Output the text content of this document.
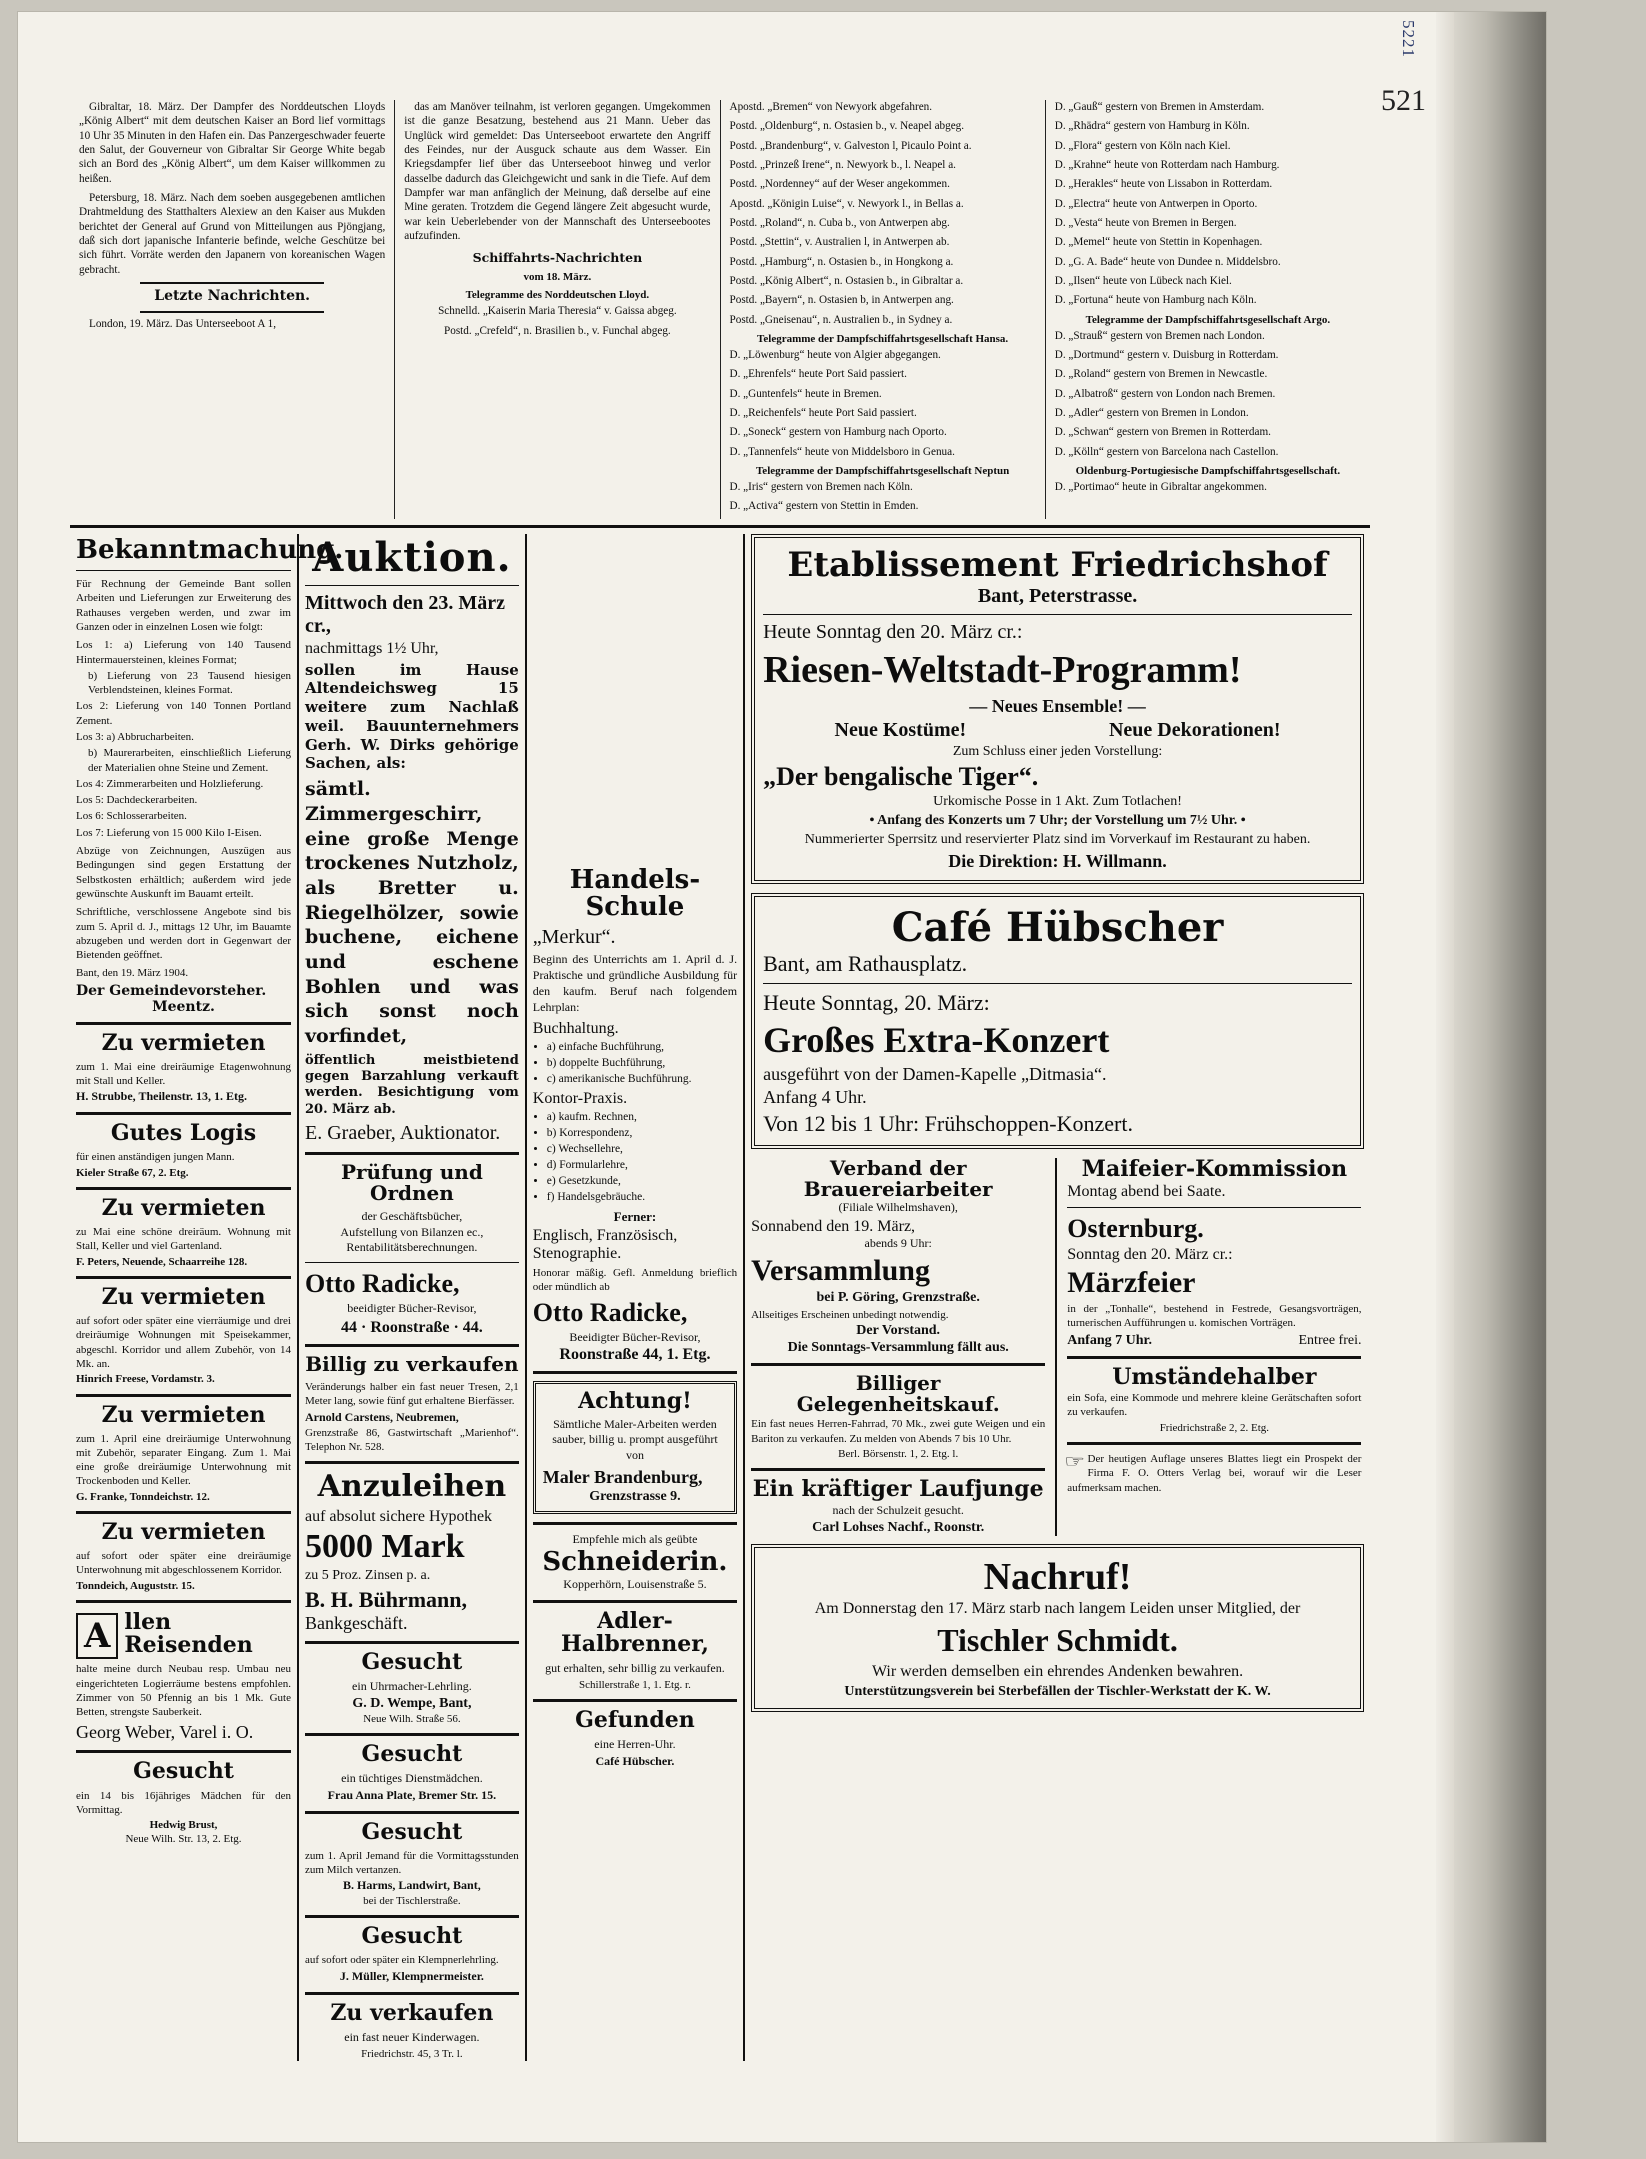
5221
521

Gibraltar, 18. März. Der Dampfer des Norddeutschen Lloyds „König Albert“ mit dem deutschen Kaiser an Bord lief vormittags 10 Uhr 35 Minuten in den Hafen ein. Das Panzergeschwader feuerte den Salut, der Gouverneur von Gibraltar Sir George White begab sich an Bord des „König Albert“, um dem Kaiser willkommen zu heißen.

Petersburg, 18. März. Nach dem soeben ausgegebenen amtlichen Drahtmeldung des Statthalters Alexiew an den Kaiser aus Mukden berichtet der General auf Grund von Mitteilungen aus Pjöngjang, daß sich dort japanische Infanterie befinde, welche Geschütze bei sich führt. Vorräte werden den Japanern von koreanischen Wagen gebracht.

Letzte Nachrichten.

London, 19. März. Das Unterseeboot A 1,

das am Manöver teilnahm, ist verloren gegangen. Umgekommen ist die ganze Besatzung, bestehend aus 21 Mann. Ueber das Unglück wird gemeldet: Das Unterseeboot erwartete den Angriff des Feindes, nur der Ausguck schaute aus dem Wasser. Ein Kriegsdampfer lief über das Unterseeboot hinweg und verlor dasselbe dadurch das Gleichgewicht und sank in die Tiefe. Auf dem Dampfer war man anfänglich der Meinung, daß derselbe auf eine Mine geraten. Trotzdem die Gegend längere Zeit abgesucht wurde, war kein Ueberlebender von der Mannschaft des Unterseebootes aufzufinden.

Schiffahrts-Nachrichten
vom 18. März.
Telegramme des Norddeutschen Lloyd.

Schnelld. „Kaiserin Maria Theresia“ v. Gaissa abgeg.

Postd. „Crefeld“, n. Brasilien b., v. Funchal abgeg.

Apostd. „Bremen“ von Newyork abgefahren.

Postd. „Oldenburg“, n. Ostasien b., v. Neapel abgeg.

Postd. „Brandenburg“, v. Galveston l, Picaulo Point a.

Postd. „Prinzeß Irene“, n. Newyork b., l. Neapel a.

Postd. „Nordenney“ auf der Weser angekommen.

Apostd. „Königin Luise“, v. Newyork l., in Bellas a.

Postd. „Roland“, n. Cuba b., von Antwerpen abg.

Postd. „Stettin“, v. Australien l, in Antwerpen ab.

Postd. „Hamburg“, n. Ostasien b., in Hongkong a.

Postd. „König Albert“, n. Ostasien b., in Gibraltar a.

Postd. „Bayern“, n. Ostasien b, in Antwerpen ang.

Postd. „Gneisenau“, n. Australien b., in Sydney a.

Telegramme der Dampfschiffahrtsgesellschaft Hansa.

D. „Löwenburg“ heute von Algier abgegangen.

D. „Ehrenfels“ heute Port Said passiert.

D. „Guntenfels“ heute in Bremen.

D. „Reichenfels“ heute Port Said passiert.

D. „Soneck“ gestern von Hamburg nach Oporto.

D. „Tannenfels“ heute von Middelsboro in Genua.

Telegramme der Dampfschiffahrtsgesellschaft Neptun

D. „Iris“ gestern von Bremen nach Köln.

D. „Activa“ gestern von Stettin in Emden.

D. „Gauß“ gestern von Bremen in Amsterdam.

D. „Rhädra“ gestern von Hamburg in Köln.

D. „Flora“ gestern von Köln nach Kiel.

D. „Krahne“ heute von Rotterdam nach Hamburg.

D. „Herakles“ heute von Lissabon in Rotterdam.

D. „Electra“ heute von Antwerpen in Oporto.

D. „Vesta“ heute von Bremen in Bergen.

D. „Memel“ heute von Stettin in Kopenhagen.

D. „G. A. Bade“ heute von Dundee n. Middelsbro.

D. „Ilsen“ heute von Lübeck nach Kiel.

D. „Fortuna“ heute von Hamburg nach Köln.

Telegramme der Dampfschiffahrtsgesellschaft Argo.

D. „Strauß“ gestern von Bremen nach London.

D. „Dortmund“ gestern v. Duisburg in Rotterdam.

D. „Roland“ gestern von Bremen in Newcastle.

D. „Albatroß“ gestern von London nach Bremen.

D. „Adler“ gestern von Bremen in London.

D. „Schwan“ gestern von Bremen in Rotterdam.

D. „Kölln“ gestern von Barcelona nach Castellon.

Oldenburg-Portugiesische Dampfschiffahrtsgesellschaft.

D. „Portimao“ heute in Gibraltar angekommen.

Bekanntmachung.

Für Rechnung der Gemeinde Bant sollen Arbeiten und Lieferungen zur Erweiterung des Rathauses vergeben werden, und zwar im Ganzen oder in einzelnen Losen wie folgt:

Los 1: a) Lieferung von 140 Tausend Hintermauersteinen, kleines Format;

b) Lieferung von 23 Tausend hiesigen Verblendsteinen, kleines Format.

Los 2: Lieferung von 140 Tonnen Portland Zement.

Los 3: a) Abbrucharbeiten.

b) Maurerarbeiten, einschließlich Lieferung der Materialien ohne Steine und Zement.

Los 4: Zimmerarbeiten und Holzlieferung.

Los 5: Dachdeckerarbeiten.

Los 6: Schlosserarbeiten.

Los 7: Lieferung von 15 000 Kilo I-Eisen.

Abzüge von Zeichnungen, Auszügen aus Bedingungen sind gegen Erstattung der Selbstkosten erhältlich; außerdem wird jede gewünschte Auskunft im Bauamt erteilt.

Schriftliche, verschlossene Angebote sind bis zum 5. April d. J., mittags 12 Uhr, im Bauamte abzugeben und werden dort in Gegenwart der Bietenden geöffnet.

Bant, den 19. März 1904.

Der Gemeindevorsteher.

Meentz.

Zu vermieten

zum 1. Mai eine dreiräumige Etagenwohnung mit Stall und Keller.

H. Strubbe, Theilenstr. 13, 1. Etg.

Gutes Logis

für einen anständigen jungen Mann.

Kieler Straße 67, 2. Etg.

Zu vermieten

zu Mai eine schöne dreiräum. Wohnung mit Stall, Keller und viel Gartenland.

F. Peters, Neuende, Schaarreihe 128.

Zu vermieten

auf sofort oder später eine vierräumige und drei dreiräumige Wohnungen mit Speisekammer, abgeschl. Korridor und allem Zubehör, von 14 Mk. an.

Hinrich Freese, Vordamstr. 3.

Zu vermieten

zum 1. April eine dreiräumige Unterwohnung mit Zubehör, separater Eingang. Zum 1. Mai eine große dreiräumige Unterwohnung mit Trockenboden und Keller.

G. Franke, Tonndeichstr. 12.

Zu vermieten

auf sofort oder später eine dreiräumige Unterwohnung mit abgeschlossenem Korridor.

Tonndeich, Auguststr. 15.

A llen Reisenden

halte meine durch Neubau resp. Umbau neu eingerichteten Logierräume bestens empfohlen. Zimmer von 50 Pfennig an bis 1 Mk. Gute Betten, strengste Sauberkeit.

Georg Weber, Varel i. O.

Gesucht

ein 14 bis 16jähriges Mädchen für den Vormittag.

Hedwig Brust,

Neue Wilh. Str. 13, 2. Etg.

Auktion.
Mittwoch den 23. März cr.,

nachmittags 1½ Uhr,

sollen im Hause Altendeichsweg 15 weitere zum Nachlaß weil. Bauunternehmers Gerh. W. Dirks gehörige Sachen, als:

sämtl. Zimmergeschirr, eine große Menge trockenes Nutzholz, als Bretter u. Riegelhölzer, sowie buchene, eichene und eschene Bohlen und was sich sonst noch vorfindet,

öffentlich meistbietend gegen Barzahlung verkauft werden. Besichtigung vom 20. März ab.

E. Graeber, Auktionator.

Prüfung und Ordnen

der Geschäftsbücher,

Aufstellung von Bilanzen ec.,

Rentabilitätsberechnungen.

Otto Radicke,

beeidigter Bücher-Revisor,

44 · Roonstraße · 44.

Billig zu verkaufen

Veränderungs halber ein fast neuer Tresen, 2,1 Meter lang, sowie fünf gut erhaltene Bierfässer.

Arnold Carstens, Neubremen,

Grenzstraße 86, Gastwirtschaft „Marienhof“. Telephon Nr. 528.

Anzuleihen

auf absolut sichere Hypothek

5000 Mark

zu 5 Proz. Zinsen p. a.

B. H. Bührmann,

Bankgeschäft.

Gesucht

ein Uhrmacher-Lehrling.

G. D. Wempe, Bant,

Neue Wilh. Straße 56.

Gesucht

ein tüchtiges Dienstmädchen.

Frau Anna Plate, Bremer Str. 15.

Gesucht

zum 1. April Jemand für die Vormittagsstunden zum Milch vertanzen.

B. Harms, Landwirt, Bant,

bei der Tischlerstraße.

Gesucht

auf sofort oder später ein Klempnerlehrling.

J. Müller, Klempnermeister.

Zu verkaufen

ein fast neuer Kinderwagen.

Friedrichstr. 45, 3 Tr. l.

Handels-Schule

„Merkur“.

Beginn des Unterrichts am 1. April d. J. Praktische und gründliche Ausbildung für den kaufm. Beruf nach folgendem Lehrplan:

Buchhaltung.

• a) einfache Buchführung,
• b) doppelte Buchführung,
• c) amerikanische Buchführung.

Kontor-Praxis.

• a) kaufm. Rechnen,
• b) Korrespondenz,
• c) Wechsellehre,
• d) Formularlehre,
• e) Gesetzkunde,
• f) Handelsgebräuche.

Ferner:

Englisch, Französisch, Stenographie.

Honorar mäßig. Gefl. Anmeldung brieflich oder mündlich ab

Otto Radicke,

Beeidigter Bücher-Revisor,

Roonstraße 44, 1. Etg.

Achtung!

Sämtliche Maler-Arbeiten werden sauber, billig u. prompt ausgeführt von

Maler Brandenburg,

Grenzstrasse 9.

Empfehle mich als geübte

Schneiderin.

Kopperhörn, Louisenstraße 5.

Adler-Halbrenner,

gut erhalten, sehr billig zu verkaufen.

Schillerstraße 1, 1. Etg. r.

Gefunden

eine Herren-Uhr.

Café Hübscher.

Etablissement Friedrichshof

Bant, Peterstrasse.

Heute Sonntag den 20. März cr.:

Riesen-Weltstadt-Programm!

— Neues Ensemble! —

Neue Kostüme!	Neue Dekorationen!

Zum Schluss einer jeden Vorstellung:

„Der bengalische Tiger“.

Urkomische Posse in 1 Akt. Zum Totlachen!

• Anfang des Konzerts um 7 Uhr; der Vorstellung um 7½ Uhr. •

Nummerierter Sperrsitz und reservierter Platz sind im Vorverkauf im Restaurant zu haben.

Die Direktion: H. Willmann.

Café Hübscher

Bant, am Rathausplatz.

Heute Sonntag, 20. März:

Großes Extra-Konzert

ausgeführt von der Damen-Kapelle „Ditmasia“.

Anfang 4 Uhr.

Von 12 bis 1 Uhr: Frühschoppen-Konzert.

Verband der Brauereiarbeiter

(Filiale Wilhelmshaven),

Sonnabend den 19. März,

abends 9 Uhr:

Versammlung

bei P. Göring, Grenzstraße.

Allseitiges Erscheinen unbedingt notwendig.

Der Vorstand.

Die Sonntags-Versammlung fällt aus.

Billiger Gelegenheitskauf.

Ein fast neues Herren-Fahrrad, 70 Mk., zwei gute Weigen und ein Bariton zu verkaufen. Zu melden von Abends 7 bis 10 Uhr.

Berl. Börsenstr. 1, 2. Etg. l.

Ein kräftiger Laufjunge

nach der Schulzeit gesucht.

Carl Lohses Nachf., Roonstr.

Maifeier-Kommission

Montag abend bei Saate.

Osternburg.

Sonntag den 20. März cr.:

Märzfeier

in der „Tonhalle“, bestehend in Festrede, Gesangsvorträgen, turnerischen Aufführungen u. komischen Vorträgen.

Anfang 7 Uhr.	Entree frei.
Umständehalber

ein Sofa, eine Kommode und mehrere kleine Gerätschaften sofort zu verkaufen.

Friedrichstraße 2, 2. Etg.

☞ Der heutigen Auflage unseres Blattes liegt ein Prospekt der Firma F. O. Otters Verlag bei, worauf wir die Leser aufmerksam machen.

Nachruf!

Am Donnerstag den 17. März starb nach langem Leiden unser Mitglied, der

Tischler Schmidt.

Wir werden demselben ein ehrendes Andenken bewahren.

Unterstützungsverein bei Sterbefällen der Tischler-Werkstatt der K. W.
